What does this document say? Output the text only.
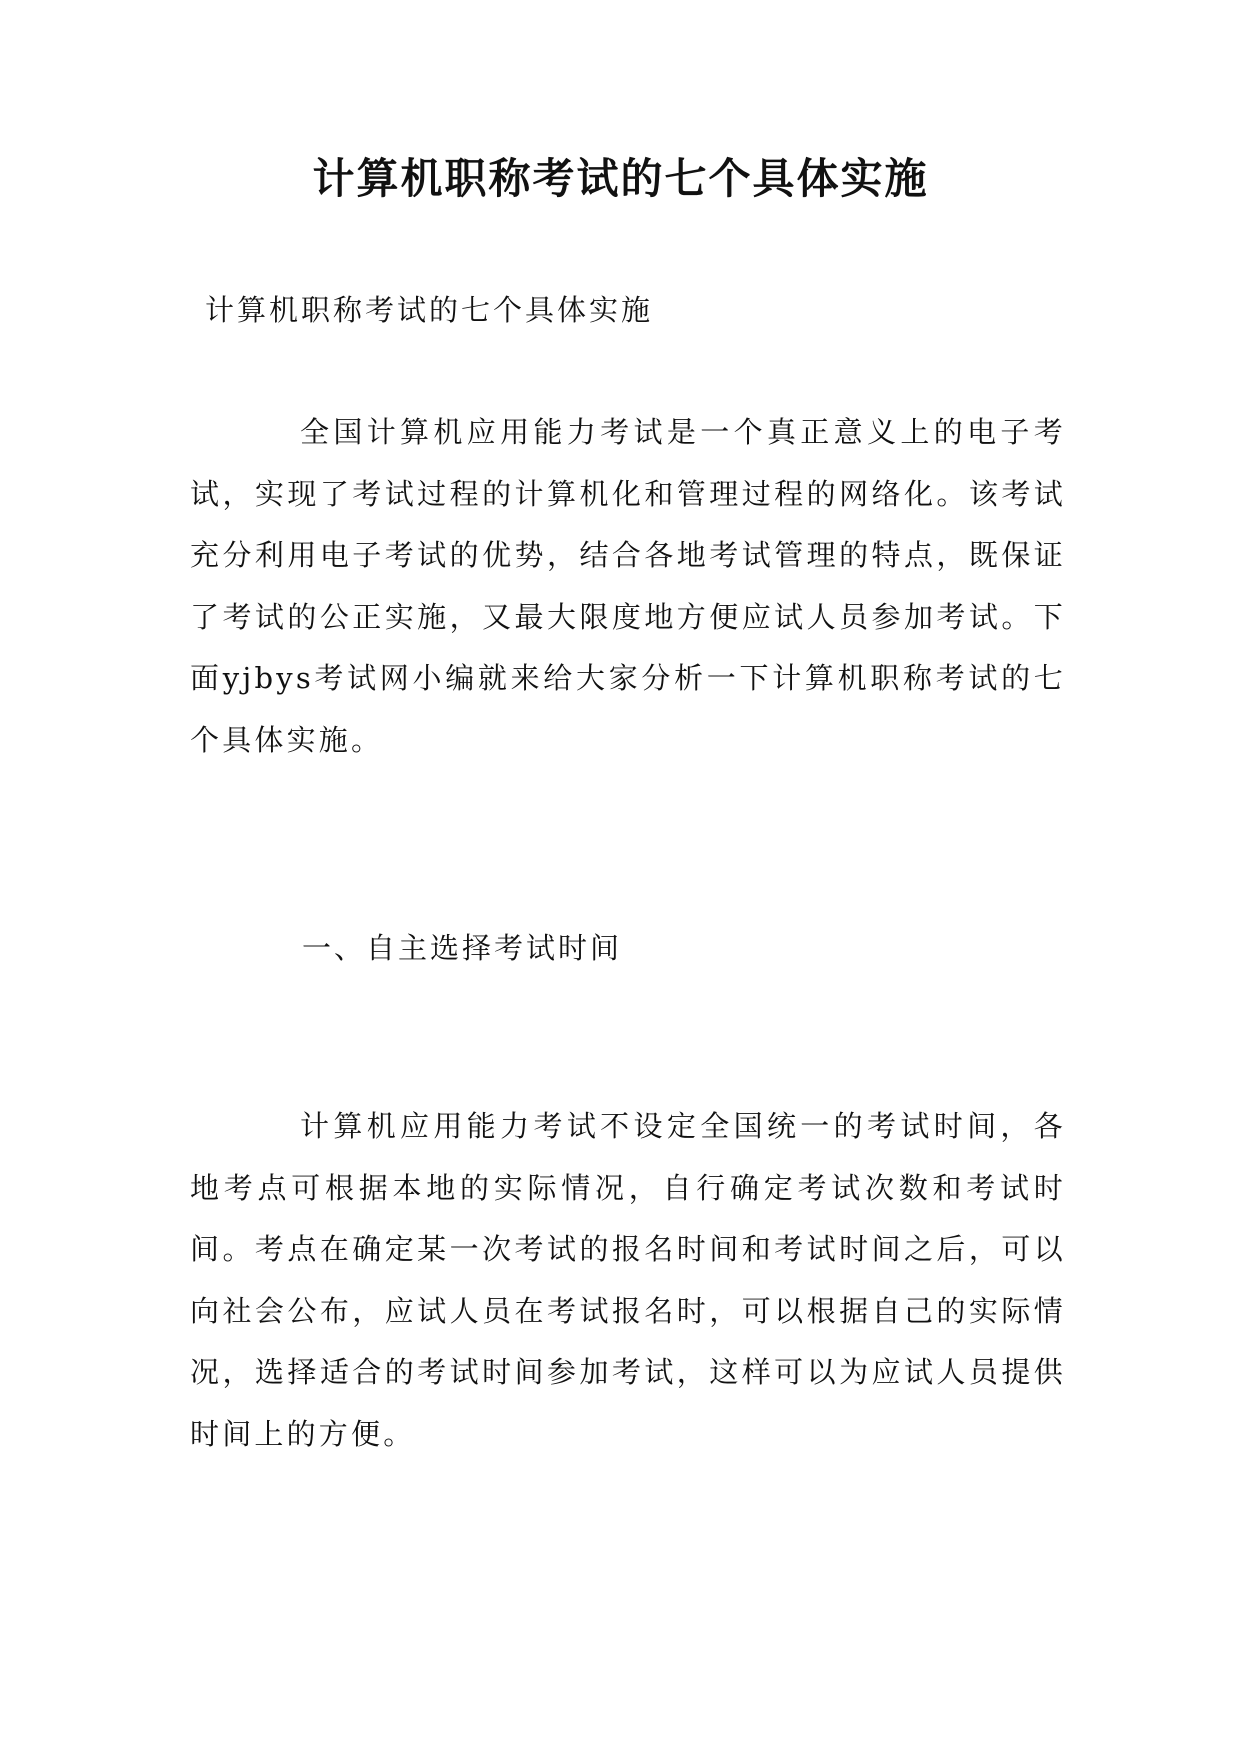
计算机职称考试的七个具体实施

计算机职称考试的七个具体实施

全国计算机应用能力考试是一个真正意义上的电子考试，实现了考试过程的计算机化和管理过程的网络化。该考试充分利用电子考试的优势，结合各地考试管理的特点，既保证了考试的公正实施，又最大限度地方便应试人员参加考试。下面yjbys考试网小编就来给大家分析一下计算机职称考试的七个具体实施。

一、自主选择考试时间

计算机应用能力考试不设定全国统一的考试时间，各地考点可根据本地的实际情况，自行确定考试次数和考试时间。考点在确定某一次考试的报名时间和考试时间之后，可以向社会公布，应试人员在考试报名时，可以根据自己的实际情况，选择适合的考试时间参加考试，这样可以为应试人员提供时间上的方便。
